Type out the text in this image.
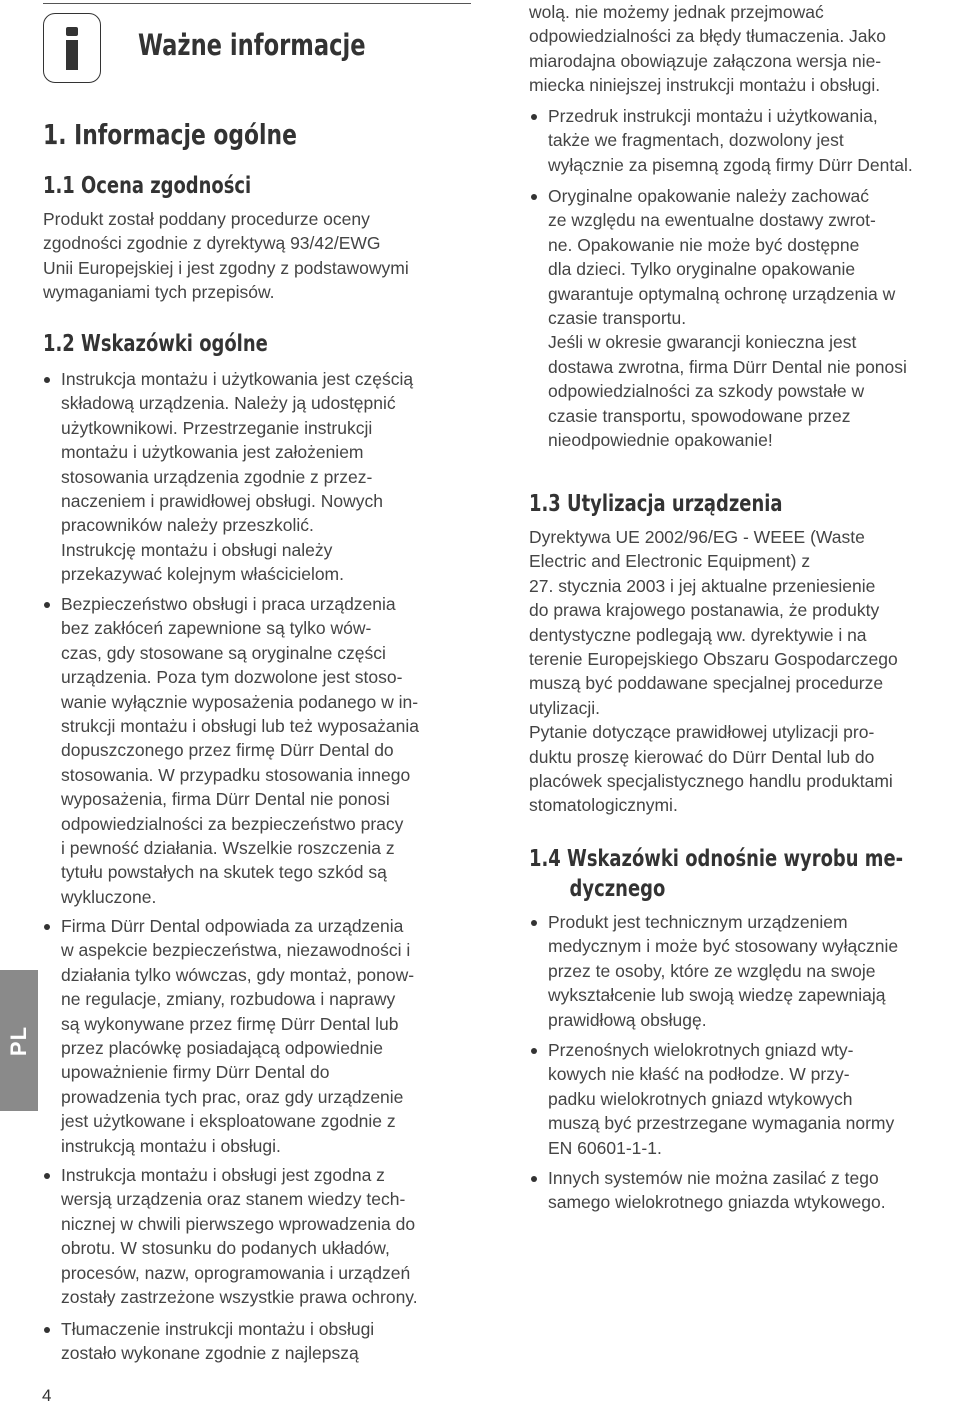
Ważne informacje
1. Informacje ogólne
1.1 Ocena zgodności
Produkt został poddany procedurze oceny
zgodności zgodnie z dyrektywą 93/42/EWG
Unii Europejskiej i jest zgodny z podstawowymi
wymaganiami tych przepisów.
1.2 Wskazówki ogólne
Instrukcja montażu i użytkowania jest częścią
składową urządzenia. Należy ją udostępnić
użytkownikowi. Przestrzeganie instrukcji
montażu i użytkowania jest założeniem
stosowania urządzenia zgodnie z przez-
naczeniem i prawidłowej obsługi. Nowych
pracowników należy przeszkolić.
Instrukcję montażu i obsługi należy
przekazywać kolejnym właścicielom.
Bezpieczeństwo obsługi i praca urządzenia
bez zakłóceń zapewnione są tylko wów-
czas, gdy stosowane są oryginalne części
urządzenia. Poza tym dozwolone jest stoso-
wanie wyłącznie wyposażenia podanego w in-
strukcji montażu i obsługi lub też wyposażania
dopuszczonego przez firmę Dürr Dental do
stosowania. W przypadku stosowania innego
wyposażenia, firma Dürr Dental nie ponosi
odpowiedzialności za bezpieczeństwo pracy
i pewność działania. Wszelkie roszczenia z
tytułu powstałych na skutek tego szkód są
wykluczone.
Firma Dürr Dental odpowiada za urządzenia
w aspekcie bezpieczeństwa, niezawodności i
działania tylko wówczas, gdy montaż, ponow-
ne regulacje, zmiany, rozbudowa i naprawy
są wykonywane przez firmę Dürr Dental lub
przez placówkę posiadającą odpowiednie
upoważnienie firmy Dürr Dental do
prowadzenia tych prac, oraz gdy urządzenie
jest użytkowane i eksploatowane zgodnie z
instrukcją montażu i obsługi.
Instrukcja montażu i obsługi jest zgodna z
wersją urządzenia oraz stanem wiedzy tech-
nicznej w chwili pierwszego wprowadzenia do
obrotu. W stosunku do podanych układów,
procesów, nazw, oprogramowania i urządzeń
zostały zastrzeżone wszystkie prawa ochrony.
Tłumaczenie instrukcji montażu i obsługi
zostało wykonane zgodnie z najlepszą
wolą. nie możemy jednak przejmować
odpowiedzialności za błędy tłumaczenia. Jako
miarodajna obowiązuje załączona wersja nie-
miecka niniejszej instrukcji montażu i obsługi.
Przedruk instrukcji montażu i użytkowania,
także we fragmentach, dozwolony jest
wyłącznie za pisemną zgodą firmy Dürr Dental.
Oryginalne opakowanie należy zachować
ze względu na ewentualne dostawy zwrot-
ne. Opakowanie nie może być dostępne
dla dzieci. Tylko oryginalne opakowanie
gwarantuje optymalną ochronę urządzenia w
czasie transportu.
Jeśli w okresie gwarancji konieczna jest
dostawa zwrotna, firma Dürr Dental nie ponosi
odpowiedzialności za szkody powstałe w
czasie transportu, spowodowane przez
nieodpowiednie opakowanie!
1.3 Utylizacja urządzenia
Dyrektywa UE 2002/96/EG - WEEE (Waste
Electric and Electronic Equipment) z
27. stycznia 2003 i jej aktualne przeniesienie
do prawa krajowego postanawia, że produkty
dentystyczne podlegają ww. dyrektywie i na
terenie Europejskiego Obszaru Gospodarczego
muszą być poddawane specjalnej procedurze
utylizacji.
Pytanie dotyczące prawidłowej utylizacji pro-
duktu proszę kierować do Dürr Dental lub do
placówek specjalistycznego handlu produktami
stomatologicznymi.
1.4 Wskazówki odnośnie wyrobu me-
dycznego
Produkt jest technicznym urządzeniem
medycznym i może być stosowany wyłącznie
przez te osoby, które ze względu na swoje
wykształcenie lub swoją wiedzę zapewniają
prawidłową obsługę.
Przenośnych wielokrotnych gniazd wty-
kowych nie kłaść na podłodze. W przy-
padku wielokrotnych gniazd wtykowych
muszą być przestrzegane wymagania normy
EN 60601-1-1.
Innych systemów nie można zasilać z tego
samego wielokrotnego gniazda wtykowego.
PL
4
